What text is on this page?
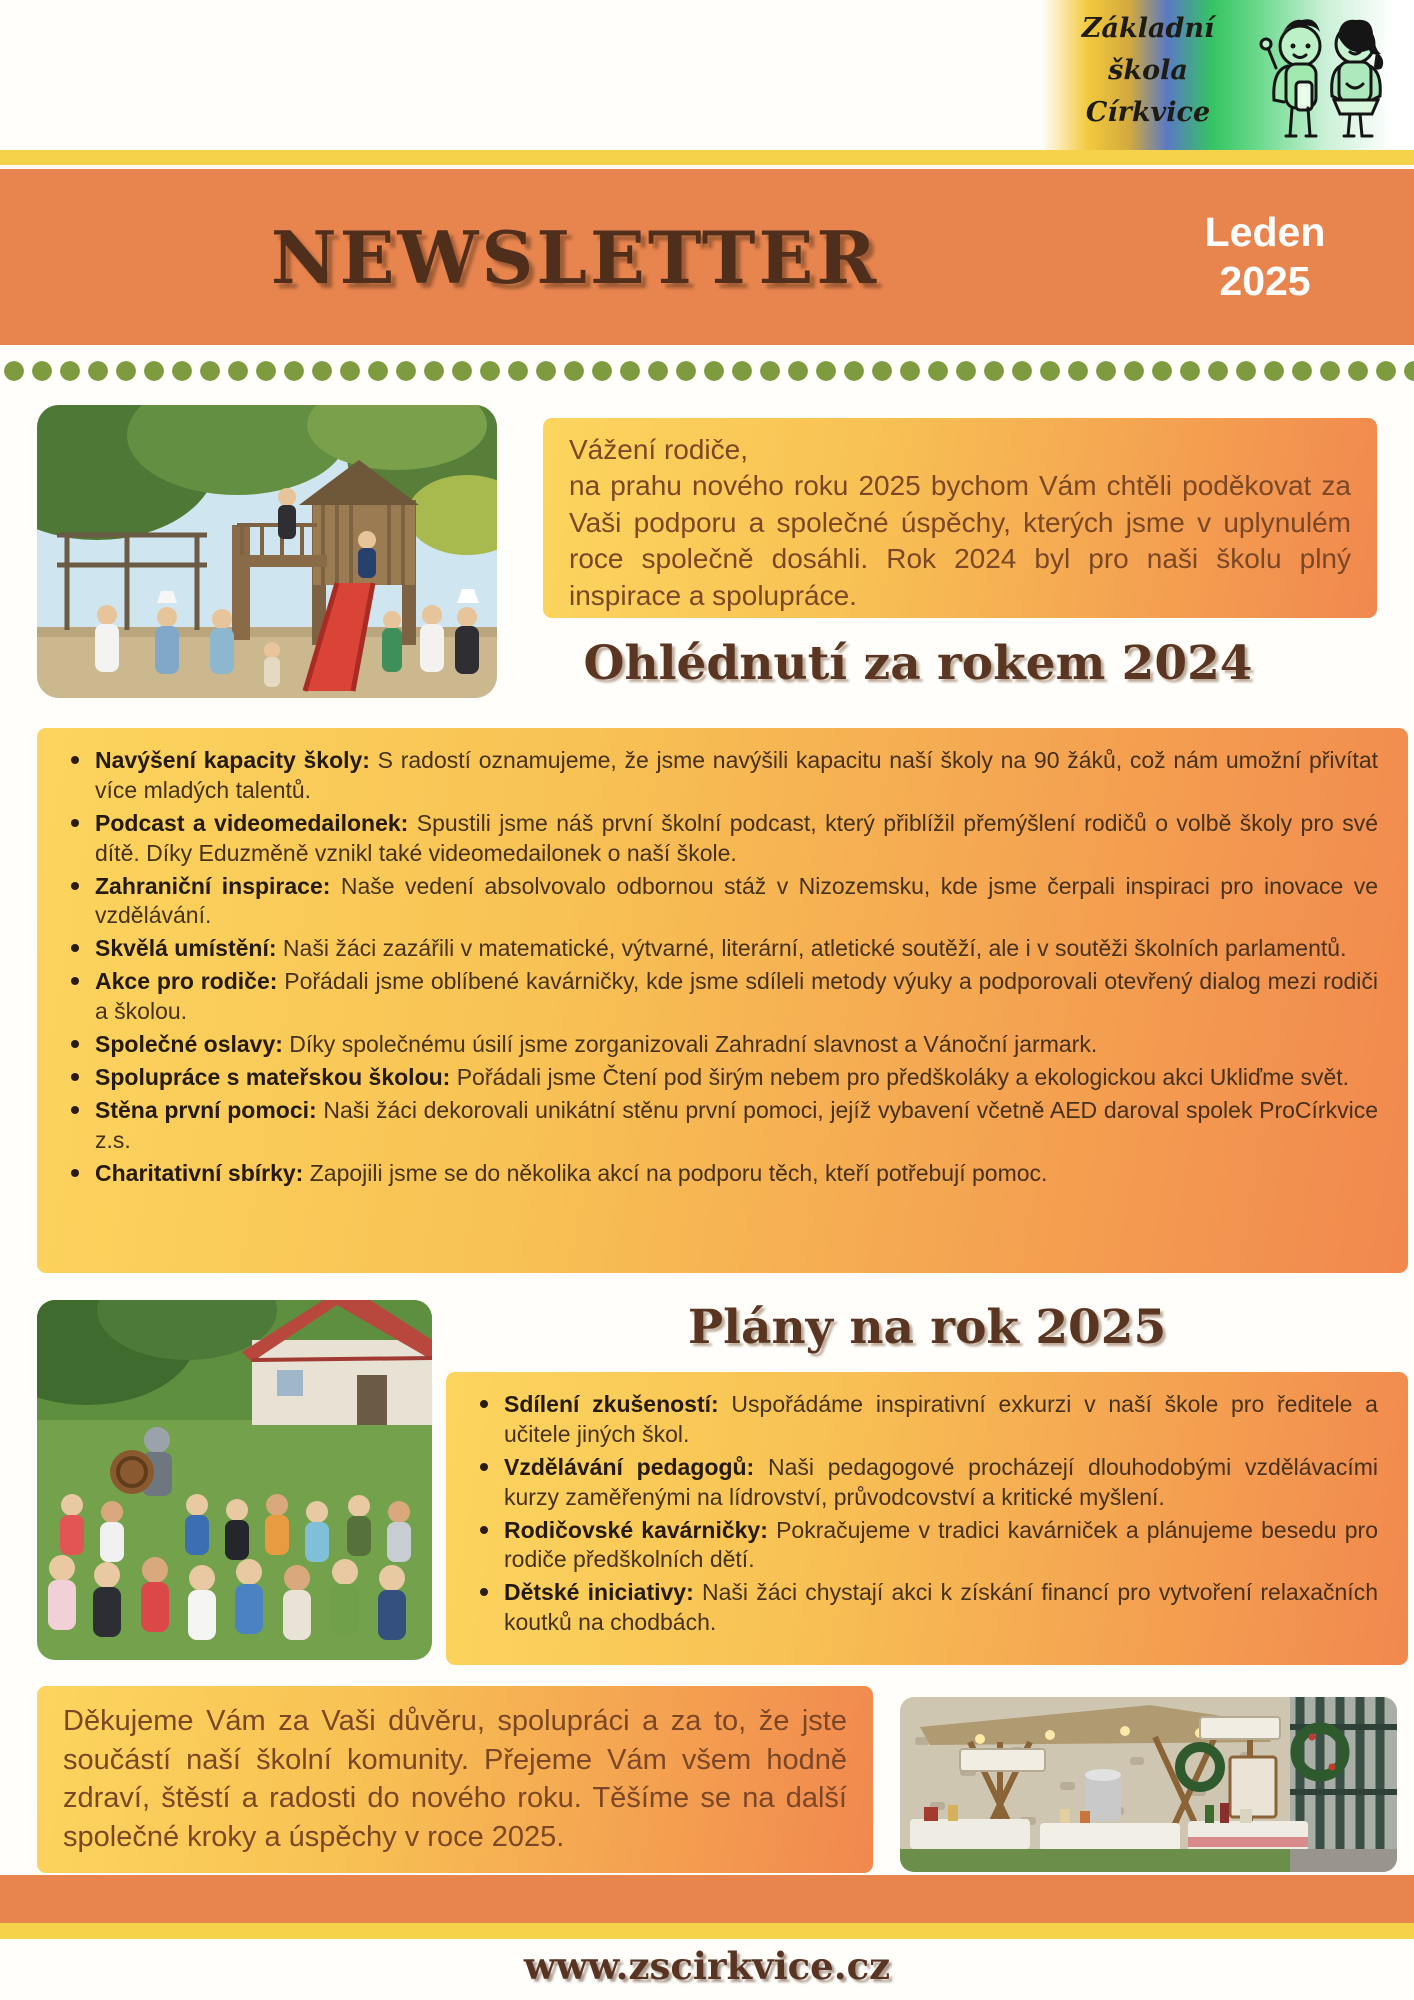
Základní
škola
Církvice
NEWSLETTER	Leden
2025
Vážení rodiče,
na prahu nového roku 2025 bychom Vám chtěli poděkovat za Vaši podporu a společné úspěchy, kterých jsme v uplynulém roce společně dosáhli. Rok 2024 byl pro naši školu plný inspirace a spolupráce.
Ohlédnutí za rokem 2024
Navýšení kapacity školy: S radostí oznamujeme, že jsme navýšili kapacitu naší školy na 90 žáků, což nám umožní přivítat více mladých talentů.
Podcast a videomedailonek: Spustili jsme náš první školní podcast, který přiblížil přemýšlení rodičů o volbě školy pro své dítě. Díky Eduzměně vznikl také videomedailonek o naší škole.
Zahraniční inspirace: Naše vedení absolvovalo odbornou stáž v Nizozemsku, kde jsme čerpali inspiraci pro inovace ve vzdělávání.
Skvělá umístění: Naši žáci zazářili v matematické, výtvarné, literární, atletické soutěží, ale i v soutěži školních parlamentů.
Akce pro rodiče: Pořádali jsme oblíbené kavárničky, kde jsme sdíleli metody výuky a podporovali otevřený dialog mezi rodiči a školou.
Společné oslavy: Díky společnému úsilí jsme zorganizovali Zahradní slavnost a Vánoční jarmark.
Spolupráce s mateřskou školou: Pořádali jsme Čtení pod širým nebem pro předškoláky a ekologickou akci Ukliďme svět.
Stěna první pomoci: Naši žáci dekorovali unikátní stěnu první pomoci, jejíž vybavení včetně AED daroval spolek ProCírkvice z.s.
Charitativní sbírky: Zapojili jsme se do několika akcí na podporu těch, kteří potřebují pomoc.
Plány na rok 2025
Sdílení zkušeností: Uspořádáme inspirativní exkurzi v naší škole pro ředitele a učitele jiných škol.
Vzdělávání pedagogů: Naši pedagogové procházejí dlouhodobými vzdělávacími kurzy zaměřenými na lídrovství, průvodcovství a kritické myšlení.
Rodičovské kavárničky: Pokračujeme v tradici kavárniček a plánujeme besedu pro rodiče předškolních dětí.
Dětské iniciativy: Naši žáci chystají akci k získání financí pro vytvoření relaxačních koutků na chodbách.
Děkujeme Vám za Vaši důvěru, spolupráci a za to, že jste součástí naší školní komunity. Přejeme Vám všem hodně zdraví, štěstí a radosti do nového roku. Těšíme se na další společné kroky a úspěchy v roce 2025.
www.zscirkvice.cz
